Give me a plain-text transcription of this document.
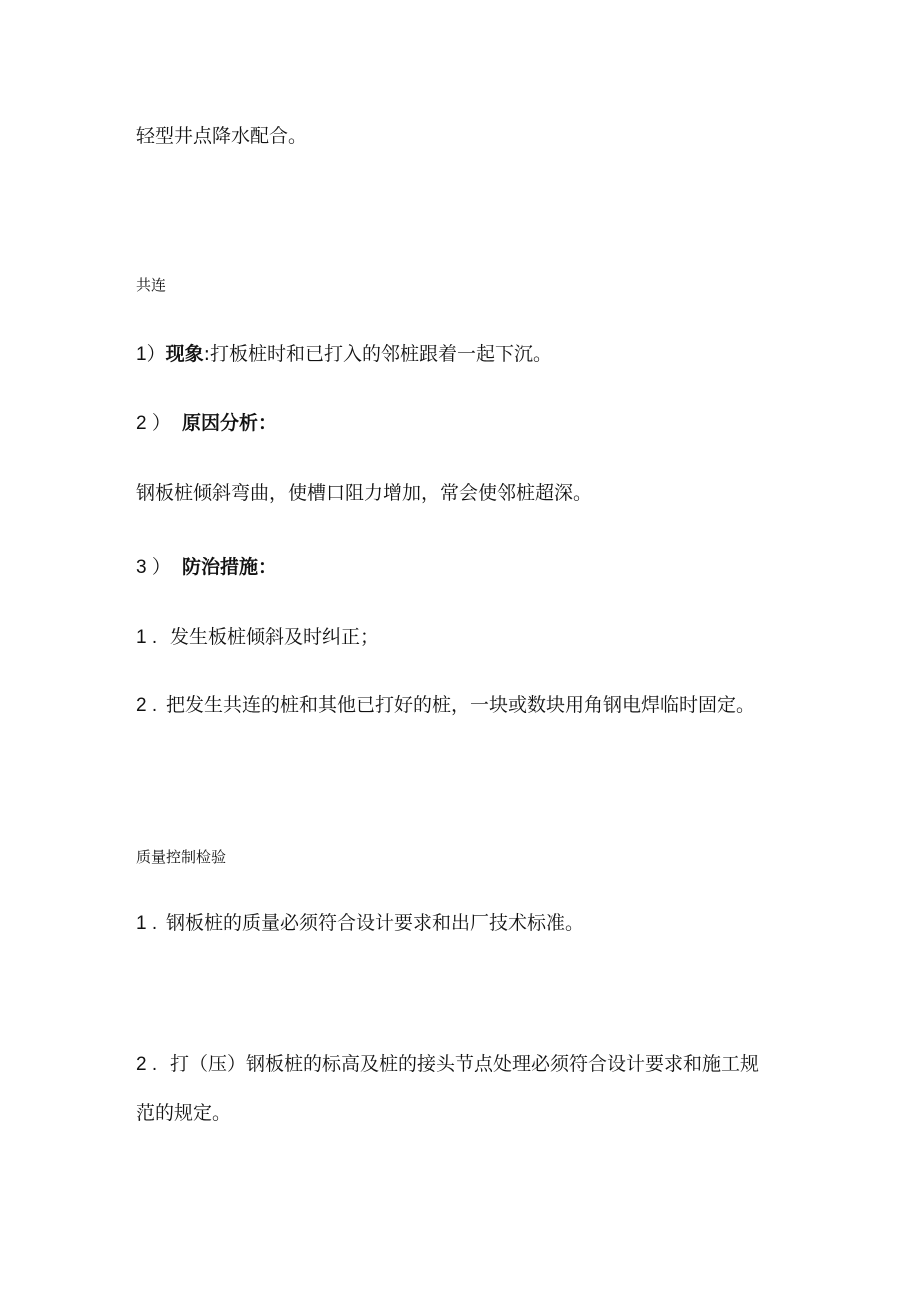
轻型井点降水配合。
共连
1）现象:打板桩时和已打入的邻桩跟着一起下沉。
2 ） 原因分析：
钢板桩倾斜弯曲，使槽口阻力增加，常会使邻桩超深。
3 ） 防治措施：
1 . 发生板桩倾斜及时纠正；
2 . 把发生共连的桩和其他已打好的桩，一块或数块用角钢电焊临时固定。
质量控制检验
1 . 钢板桩的质量必须符合设计要求和出厂技术标准。
2 . 打（压）钢板桩的标高及桩的接头节点处理必须符合设计要求和施工规
范的规定。
